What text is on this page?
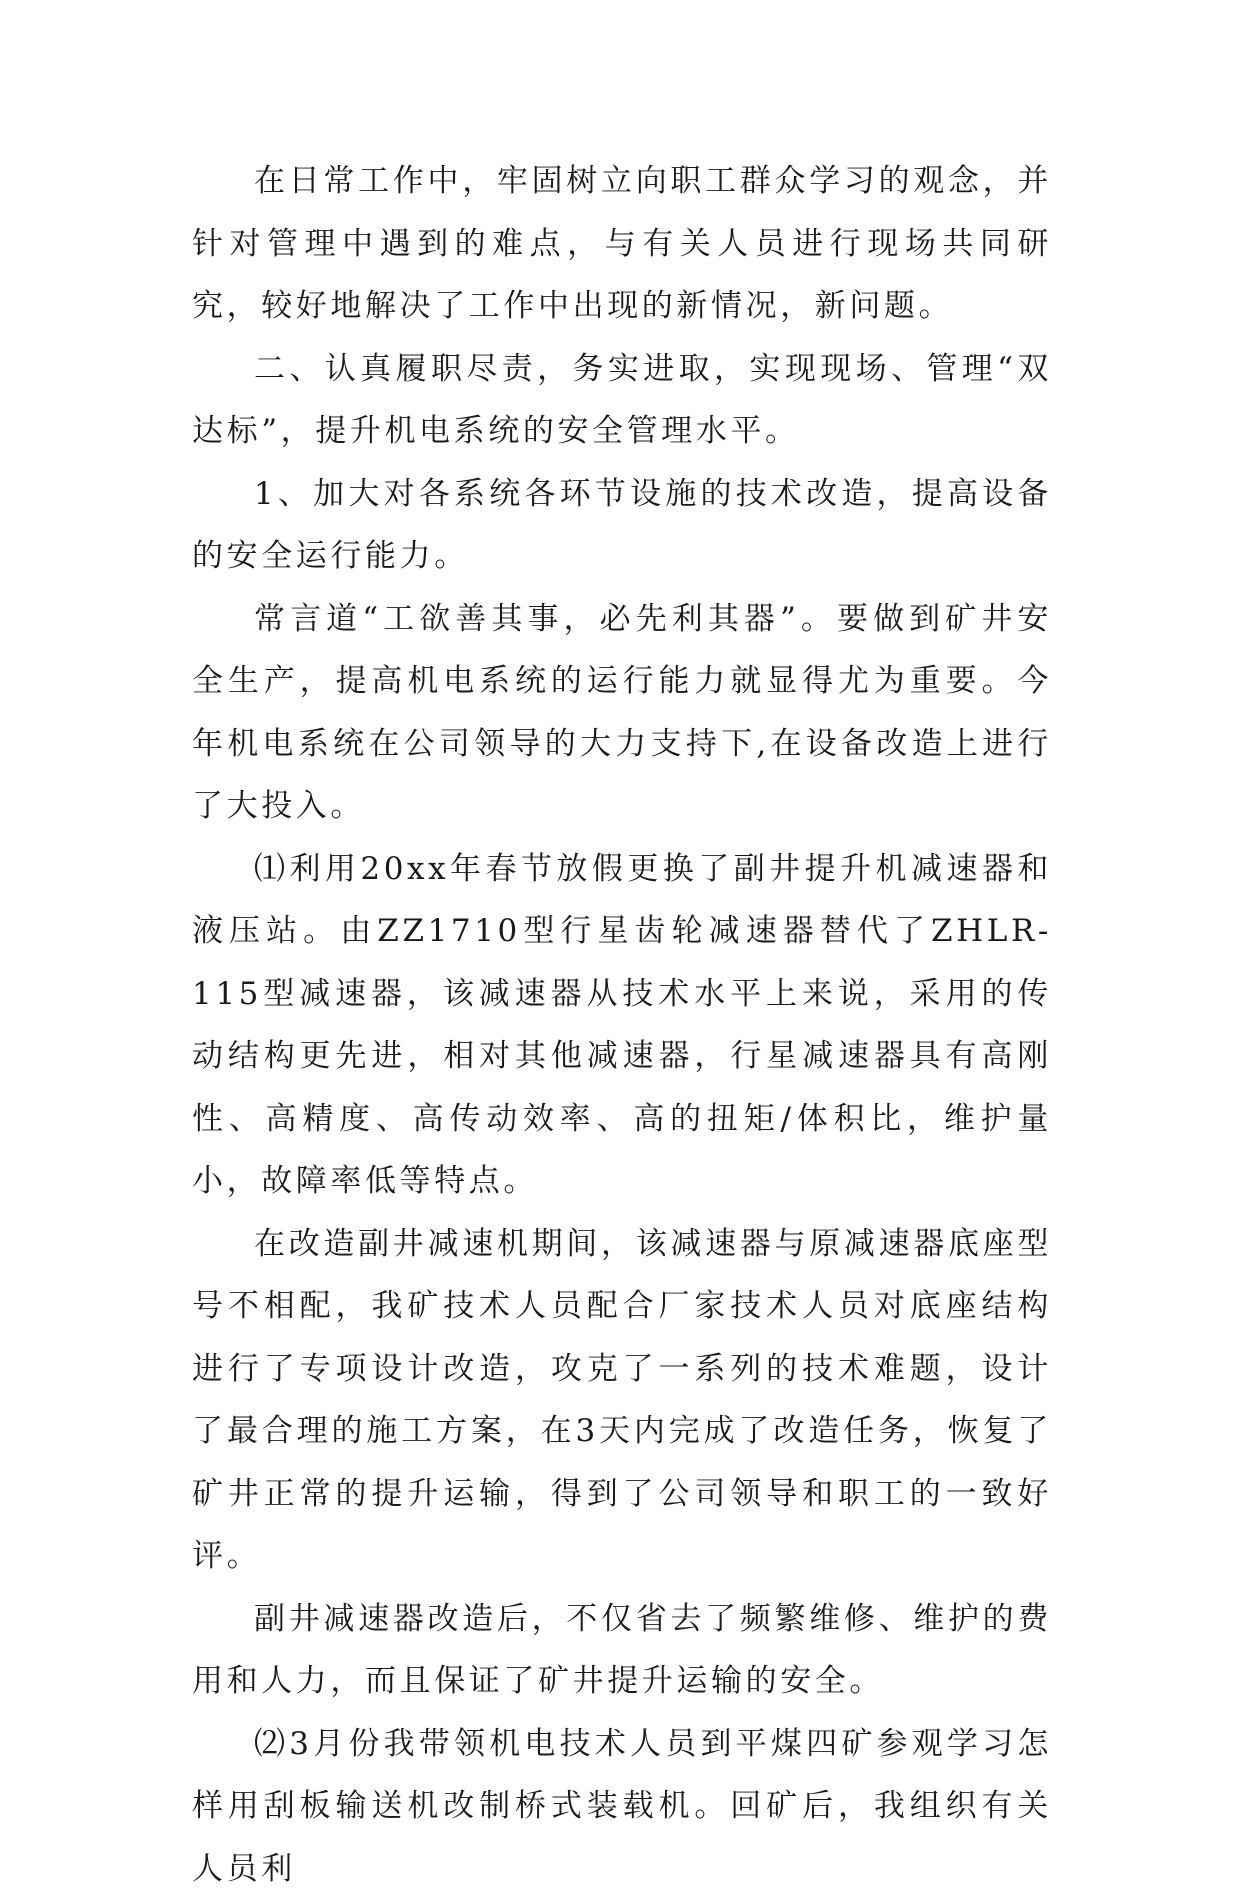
在日常工作中，牢固树立向职工群众学习的观念，并针对管理中遇到的难点，与有关人员进行现场共同研究，较好地解决了工作中出现的新情况，新问题。

二、认真履职尽责，务实进取，实现现场、管理“双达标”，提升机电系统的安全管理水平。

1、加大对各系统各环节设施的技术改造，提高设备的安全运行能力。

常言道“工欲善其事，必先利其器”。要做到矿井安全生产，提高机电系统的运行能力就显得尤为重要。今年机电系统在公司领导的大力支持下,在设备改造上进行了大投入。

⑴利用20xx年春节放假更换了副井提升机减速器和液压站。由ZZ1710型行星齿轮减速器替代了ZHLR-115型减速器，该减速器从技术水平上来说，采用的传动结构更先进，相对其他减速器，行星减速器具有高刚性、高精度、高传动效率、高的扭矩/体积比，维护量小，故障率低等特点。

在改造副井减速机期间，该减速器与原减速器底座型号不相配，我矿技术人员配合厂家技术人员对底座结构进行了专项设计改造，攻克了一系列的技术难题，设计了最合理的施工方案，在3天内完成了改造任务，恢复了矿井正常的提升运输，得到了公司领导和职工的一致好评。

副井减速器改造后，不仅省去了频繁维修、维护的费用和人力，而且保证了矿井提升运输的安全。

⑵3月份我带领机电技术人员到平煤四矿参观学习怎样用刮板输送机改制桥式装载机。回矿后，我组织有关人员利
